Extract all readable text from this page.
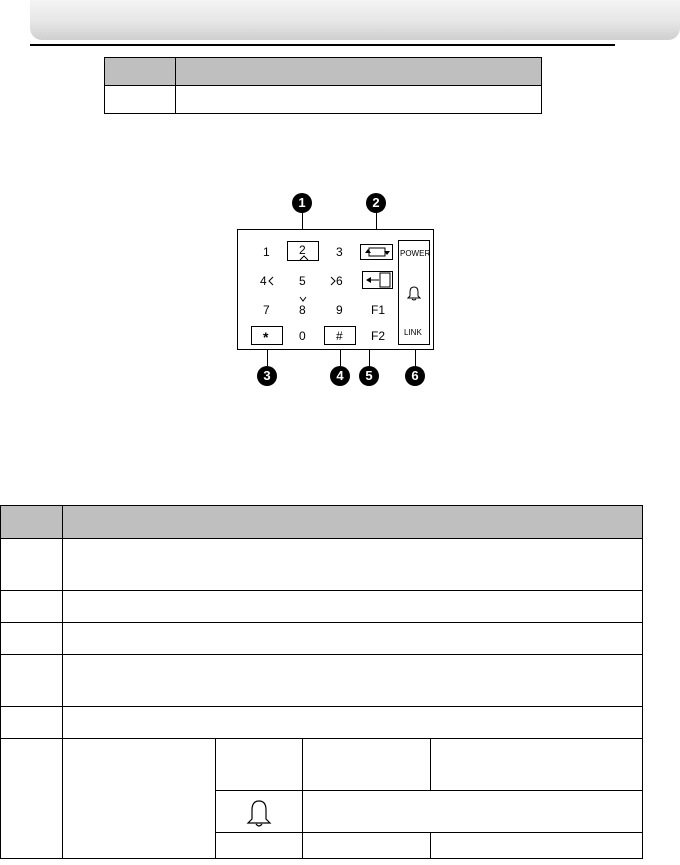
1	2
3	4	5	6
1 2	3
4	5	6
7 8	9 F1
*	0	# F2
POWER
LINK
